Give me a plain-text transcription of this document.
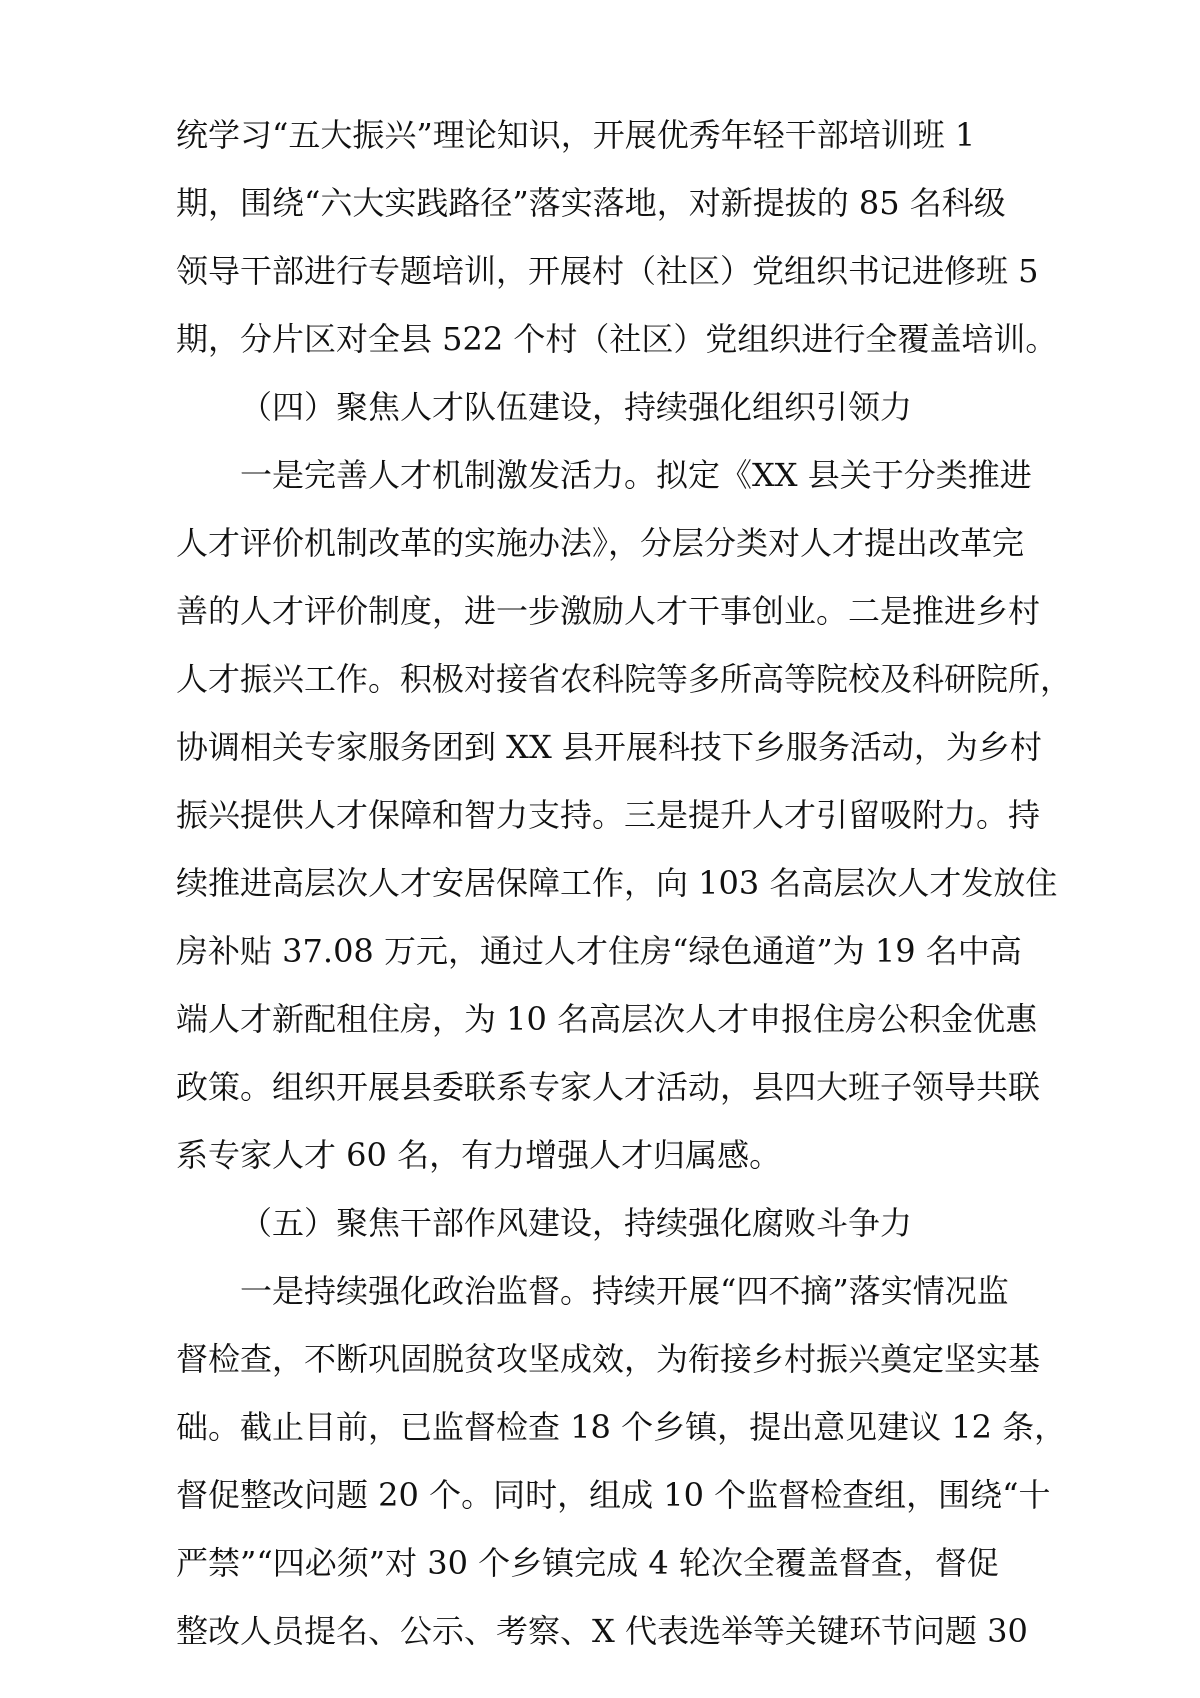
统学习“五大振兴”理论知识，开展优秀年轻干部培训班 1
期，围绕“六大实践路径”落实落地，对新提拔的 85 名科级
领导干部进行专题培训，开展村（社区）党组织书记进修班 5
期，分片区对全县 522 个村（社区）党组织进行全覆盖培训。
（四）聚焦人才队伍建设，持续强化组织引领力
一是完善人才机制激发活力。拟定《XX 县关于分类推进
人才评价机制改革的实施办法》，分层分类对人才提出改革完
善的人才评价制度，进一步激励人才干事创业。二是推进乡村
人才振兴工作。积极对接省农科院等多所高等院校及科研院所，
协调相关专家服务团到 XX 县开展科技下乡服务活动，为乡村
振兴提供人才保障和智力支持。三是提升人才引留吸附力。持
续推进高层次人才安居保障工作，向 103 名高层次人才发放住
房补贴 37.08 万元，通过人才住房“绿色通道”为 19 名中高
端人才新配租住房，为 10 名高层次人才申报住房公积金优惠
政策。组织开展县委联系专家人才活动，县四大班子领导共联
系专家人才 60 名，有力增强人才归属感。
（五）聚焦干部作风建设，持续强化腐败斗争力
一是持续强化政治监督。持续开展“四不摘”落实情况监
督检查，不断巩固脱贫攻坚成效，为衔接乡村振兴奠定坚实基
础。截止目前，已监督检查 18 个乡镇，提出意见建议 12 条，
督促整改问题 20 个。同时，组成 10 个监督检查组，围绕“十
严禁”“四必须”对 30 个乡镇完成 4 轮次全覆盖督查，督促
整改人员提名、公示、考察、X 代表选举等关键环节问题 30
